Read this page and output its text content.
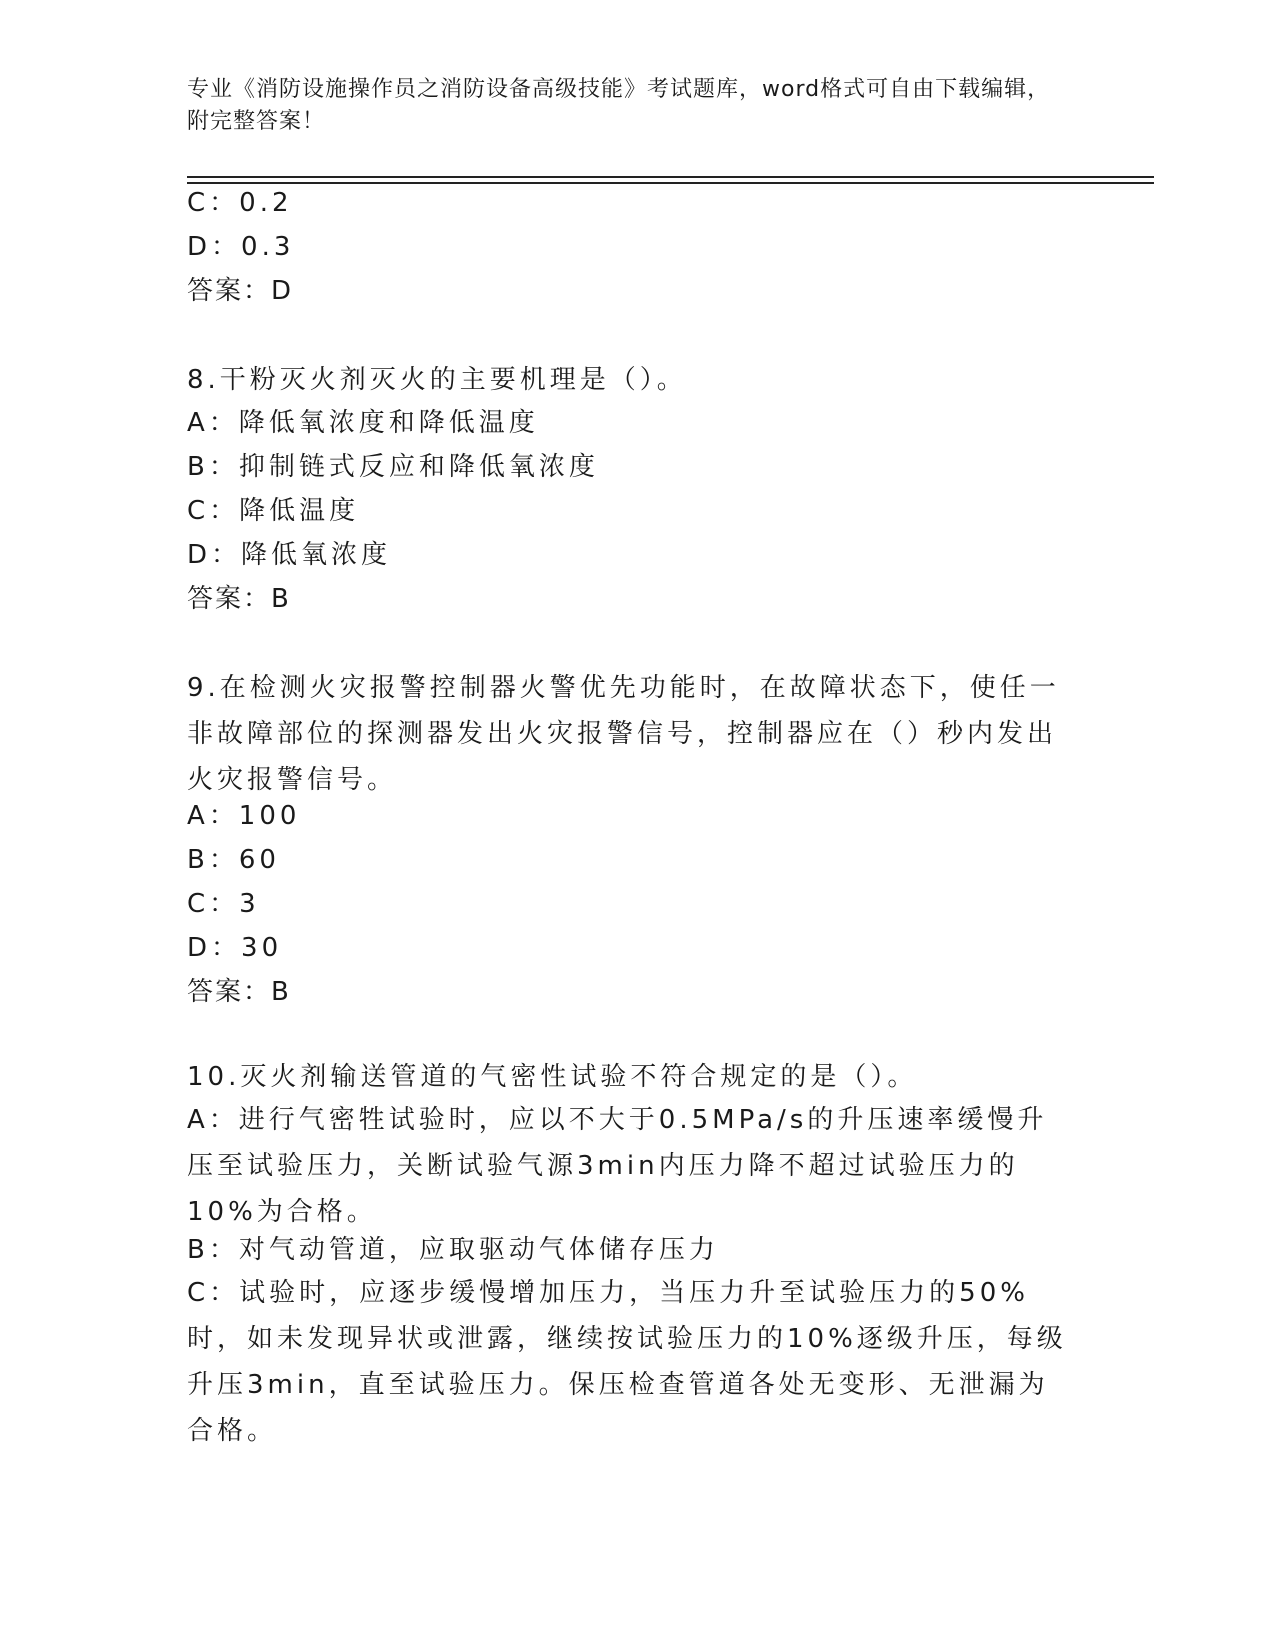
专业《消防设施操作员之消防设备高级技能》考试题库，word格式可自由下载编辑，附完整答案！
C：0.2
D：0.3
答案：D
8.干粉灭火剂灭火的主要机理是（）。
A：降低氧浓度和降低温度
B：抑制链式反应和降低氧浓度
C：降低温度
D：降低氧浓度
答案：B
9.在检测火灾报警控制器火警优先功能时，在故障状态下，使任一非故障部位的探测器发出火灾报警信号，控制器应在（）秒内发出火灾报警信号。
A：100
B：60
C：3
D：30
答案：B
10.灭火剂输送管道的气密性试验不符合规定的是（）。
A：进行气密牲试验时，应以不大于0.5MPa/s的升压速率缓慢升压至试验压力，关断试验气源3min内压力降不超过试验压力的10%为合格。
B：对气动管道，应取驱动气体储存压力
C：试验时，应逐步缓慢增加压力，当压力升至试验压力的50%时，如未发现异状或泄露，继续按试验压力的10%逐级升压，每级升压3min，直至试验压力。保压检查管道各处无变形、无泄漏为合格。
